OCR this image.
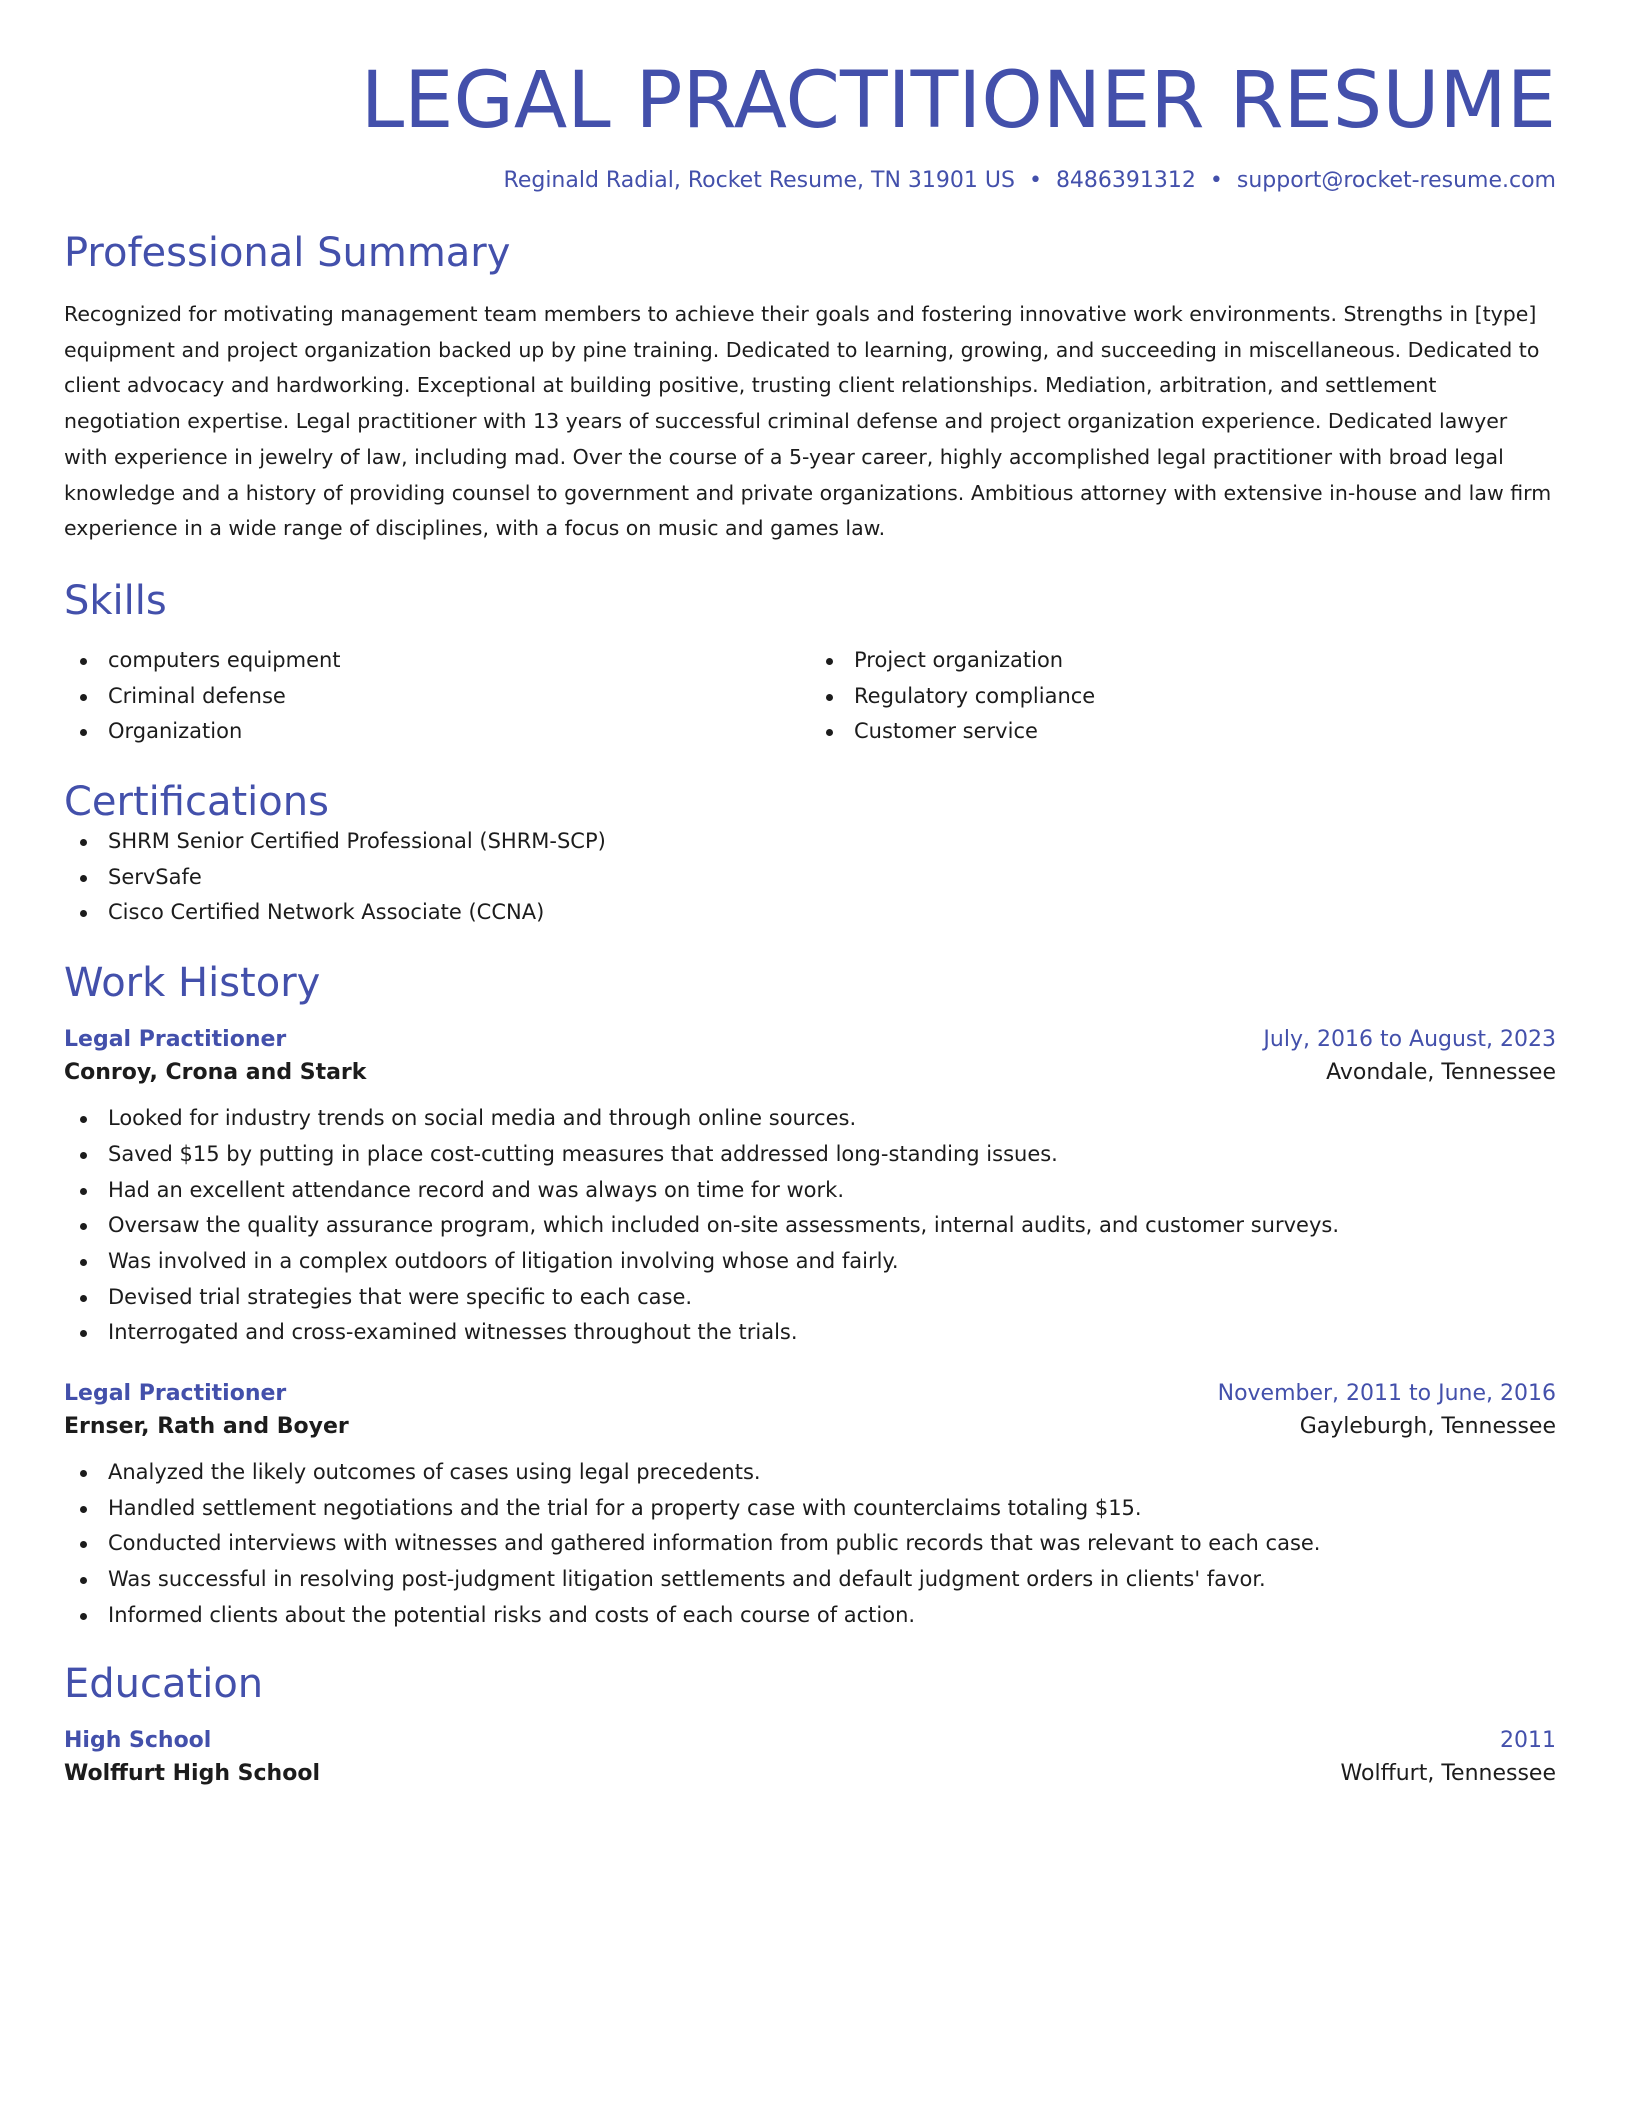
LEGAL PRACTITIONER RESUME
Reginald Radial, Rocket Resume, TN 31901 US • 8486391312 • support@rocket-resume.com
Professional Summary

Recognized for motivating management team members to achieve their goals and fostering innovative work environments. Strengths in [type] equipment and project organization backed up by pine training. Dedicated to learning, growing, and succeeding in miscellaneous. Dedicated to client advocacy and hardworking. Exceptional at building positive, trusting client relationships. Mediation, arbitration, and settlement negotiation expertise. Legal practitioner with 13 years of successful criminal defense and project organization experience. Dedicated lawyer with experience in jewelry of law, including mad. Over the course of a 5-year career, highly accomplished legal practitioner with broad legal knowledge and a history of providing counsel to government and private organizations. Ambitious attorney with extensive in-house and law firm experience in a wide range of disciplines, with a focus on music and games law.

Skills
computers equipment
Criminal defense
Organization
Project organization
Regulatory compliance
Customer service
Certifications
SHRM Senior Certified Professional (SHRM-SCP)
ServSafe
Cisco Certified Network Associate (CCNA)
Work History
Legal Practitioner	July, 2016 to August, 2023
Conroy, Crona and Stark	Avondale, Tennessee
Looked for industry trends on social media and through online sources.
Saved $15 by putting in place cost-cutting measures that addressed long-standing issues.
Had an excellent attendance record and was always on time for work.
Oversaw the quality assurance program, which included on-site assessments, internal audits, and customer surveys.
Was involved in a complex outdoors of litigation involving whose and fairly.
Devised trial strategies that were specific to each case.
Interrogated and cross-examined witnesses throughout the trials.
Legal Practitioner	November, 2011 to June, 2016
Ernser, Rath and Boyer	Gayleburgh, Tennessee
Analyzed the likely outcomes of cases using legal precedents.
Handled settlement negotiations and the trial for a property case with counterclaims totaling $15.
Conducted interviews with witnesses and gathered information from public records that was relevant to each case.
Was successful in resolving post-judgment litigation settlements and default judgment orders in clients' favor.
Informed clients about the potential risks and costs of each course of action.
Education
High School	2011
Wolffurt High School	Wolffurt, Tennessee
